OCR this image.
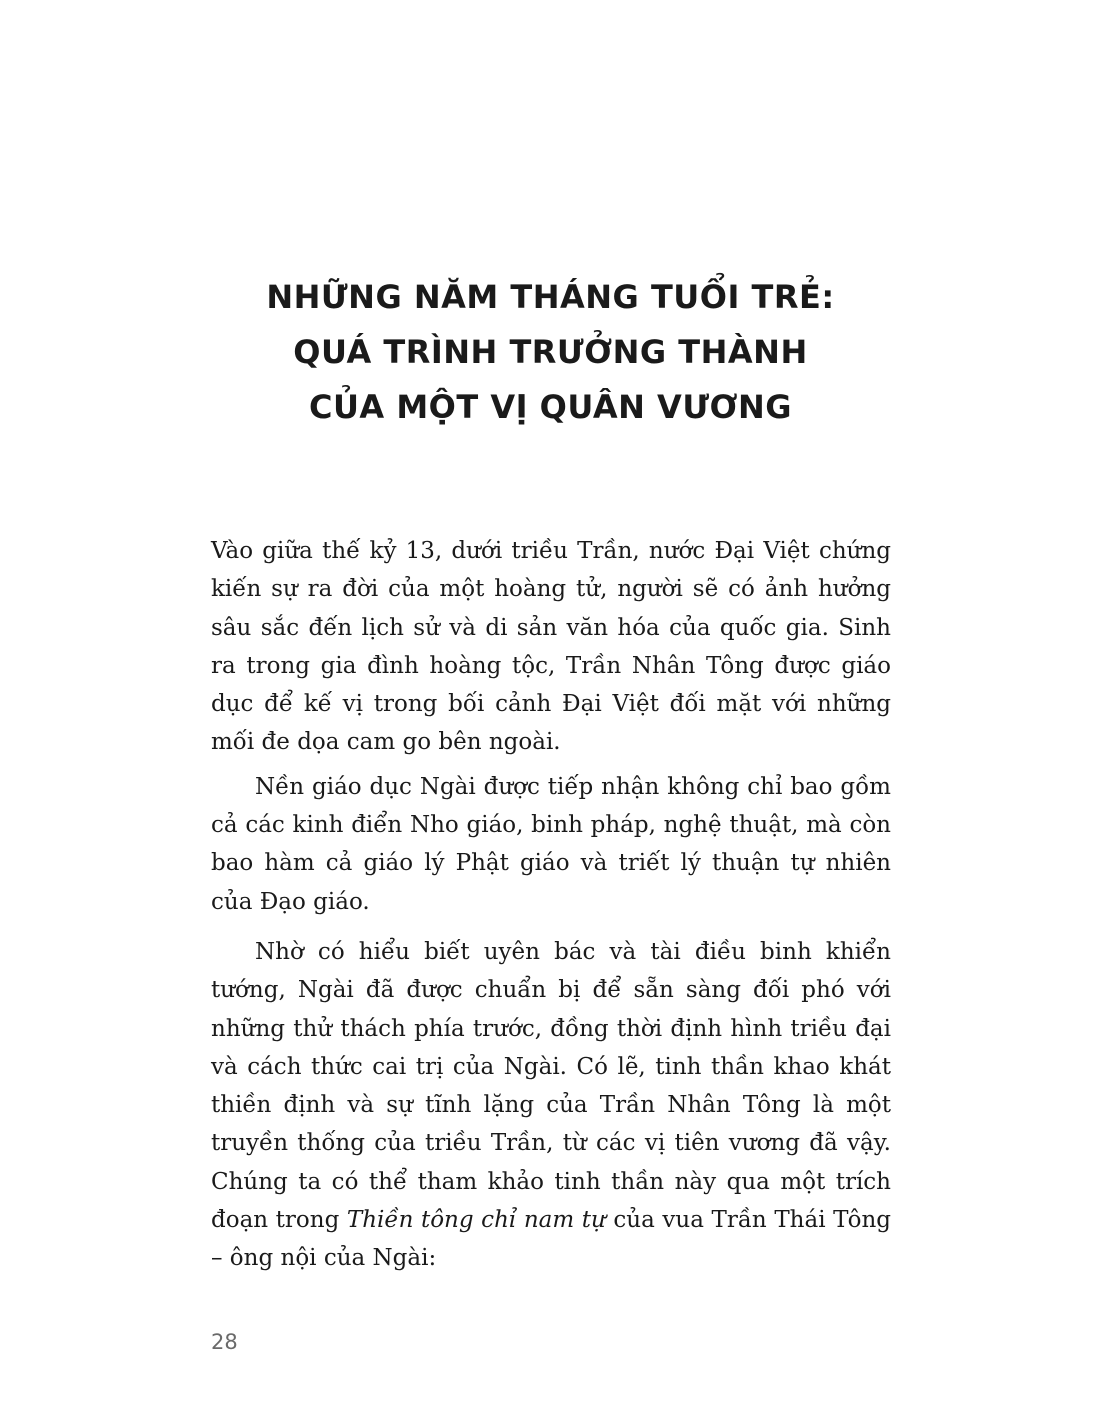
NHỮNG NĂM THÁNG TUỔI TRẺ:
QUÁ TRÌNH TRƯỞNG THÀNH
CỦA MỘT VỊ QUÂN VƯƠNG

Vào giữa thế kỷ 13, dưới triều Trần, nước Đại Việt chứng kiến sự ra đời của một hoàng tử, người sẽ có ảnh hưởng sâu sắc đến lịch sử và di sản văn hóa của quốc gia. Sinh ra trong gia đình hoàng tộc, Trần Nhân Tông được giáo dục để kế vị trong bối cảnh Đại Việt đối mặt với những mối đe dọa cam go bên ngoài.

Nền giáo dục Ngài được tiếp nhận không chỉ bao gồm cả các kinh điển Nho giáo, binh pháp, nghệ thuật, mà còn bao hàm cả giáo lý Phật giáo và triết lý thuận tự nhiên của Đạo giáo.

Nhờ có hiểu biết uyên bác và tài điều binh khiển tướng, Ngài đã được chuẩn bị để sẵn sàng đối phó với những thử thách phía trước, đồng thời định hình triều đại và cách thức cai trị của Ngài. Có lẽ, tinh thần khao khát thiền định và sự tĩnh lặng của Trần Nhân Tông là một truyền thống của triều Trần, từ các vị tiên vương đã vậy. Chúng ta có thể tham khảo tinh thần này qua một trích đoạn trong Thiền tông chỉ nam tự của vua Trần Thái Tông – ông nội của Ngài:

28
